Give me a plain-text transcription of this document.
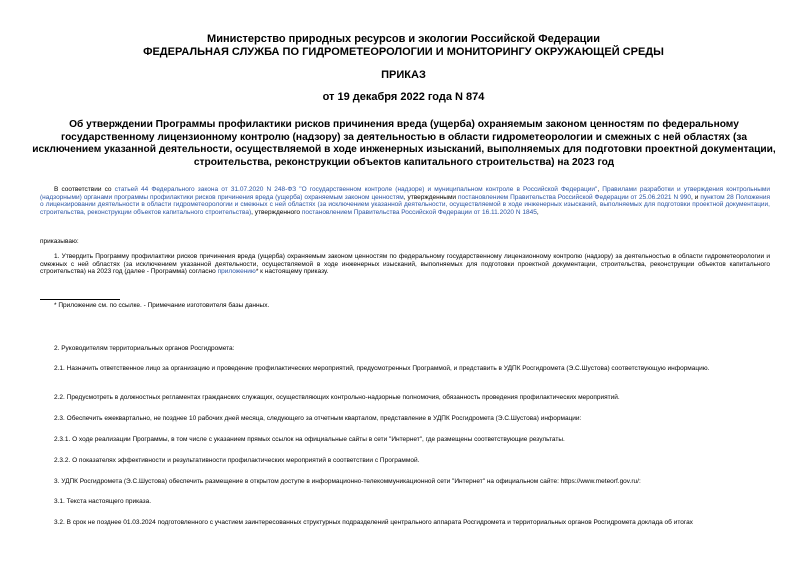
Министерство природных ресурсов и экологии Российской Федерации
ФЕДЕРАЛЬНАЯ СЛУЖБА ПО ГИДРОМЕТЕОРОЛОГИИ И МОНИТОРИНГУ ОКРУЖАЮЩЕЙ СРЕДЫ
ПРИКАЗ
от 19 декабря 2022 года N 874
Об утверждении Программы профилактики рисков причинения вреда (ущерба) охраняемым законом ценностям по федеральному государственному лицензионному контролю (надзору) за деятельностью в области гидрометеорологии и смежных с ней областях (за исключением указанной деятельности, осуществляемой в ходе инженерных изысканий, выполняемых для подготовки проектной документации, строительства, реконструкции объектов капитального строительства) на 2023 год
В соответствии со статьей 44 Федерального закона от 31.07.2020 N 248-ФЗ "О государственном контроле (надзоре) и муниципальном контроле в Российской Федерации", Правилами разработки и утверждения контрольными (надзорными) органами программы профилактики рисков причинения вреда (ущерба) охраняемым законом ценностям, утвержденными постановлением Правительства Российской Федерации от 25.06.2021 N 990, и пунктом 28 Положения о лицензировании деятельности в области гидрометеорологии и смежных с ней областях (за исключением указанной деятельности, осуществляемой в ходе инженерных изысканий, выполняемых для подготовки проектной документации, строительства, реконструкции объектов капитального строительства), утвержденного постановлением Правительства Российской Федерации от 16.11.2020 N 1845,
приказываю:
1. Утвердить Программу профилактики рисков причинения вреда (ущерба) охраняемым законом ценностям по федеральному государственному лицензионному контролю (надзору) за деятельностью в области гидрометеорологии и смежных с ней областях (за исключением указанной деятельности, осуществляемой в ходе инженерных изысканий, выполняемых для подготовки проектной документации, строительства, реконструкции объектов капитального строительства) на 2023 год (далее - Программа) согласно приложению* к настоящему приказу.
* Приложение см. по ссылке. - Примечание изготовителя базы данных.
2. Руководителям территориальных органов Росгидромета:
2.1. Назначить ответственное лицо за организацию и проведение профилактических мероприятий, предусмотренных Программой, и представить в УДПК Росгидромета (Э.С.Шустова) соответствующую информацию.
2.2. Предусмотреть в должностных регламентах гражданских служащих, осуществляющих контрольно-надзорные полномочия, обязанность проведения профилактических мероприятий.
2.3. Обеспечить ежеквартально, не позднее 10 рабочих дней месяца, следующего за отчетным кварталом, представление в УДПК Росгидромета (Э.С.Шустова) информации:
2.3.1. О ходе реализации Программы, в том числе с указанием прямых ссылок на официальные сайты в сети "Интернет", где размещены соответствующие результаты.
2.3.2. О показателях эффективности и результативности профилактических мероприятий в соответствии с Программой.
3. УДПК Росгидромета (Э.С.Шустова) обеспечить размещение в открытом доступе в информационно-телекоммуникационной сети "Интернет" на официальном сайте: https://www.meteorf.gov.ru/:
3.1. Текста настоящего приказа.
3.2. В срок не позднее 01.03.2024 подготовленного с участием заинтересованных структурных подразделений центрального аппарата Росгидромета и территориальных органов Росгидромета доклада об итогах
